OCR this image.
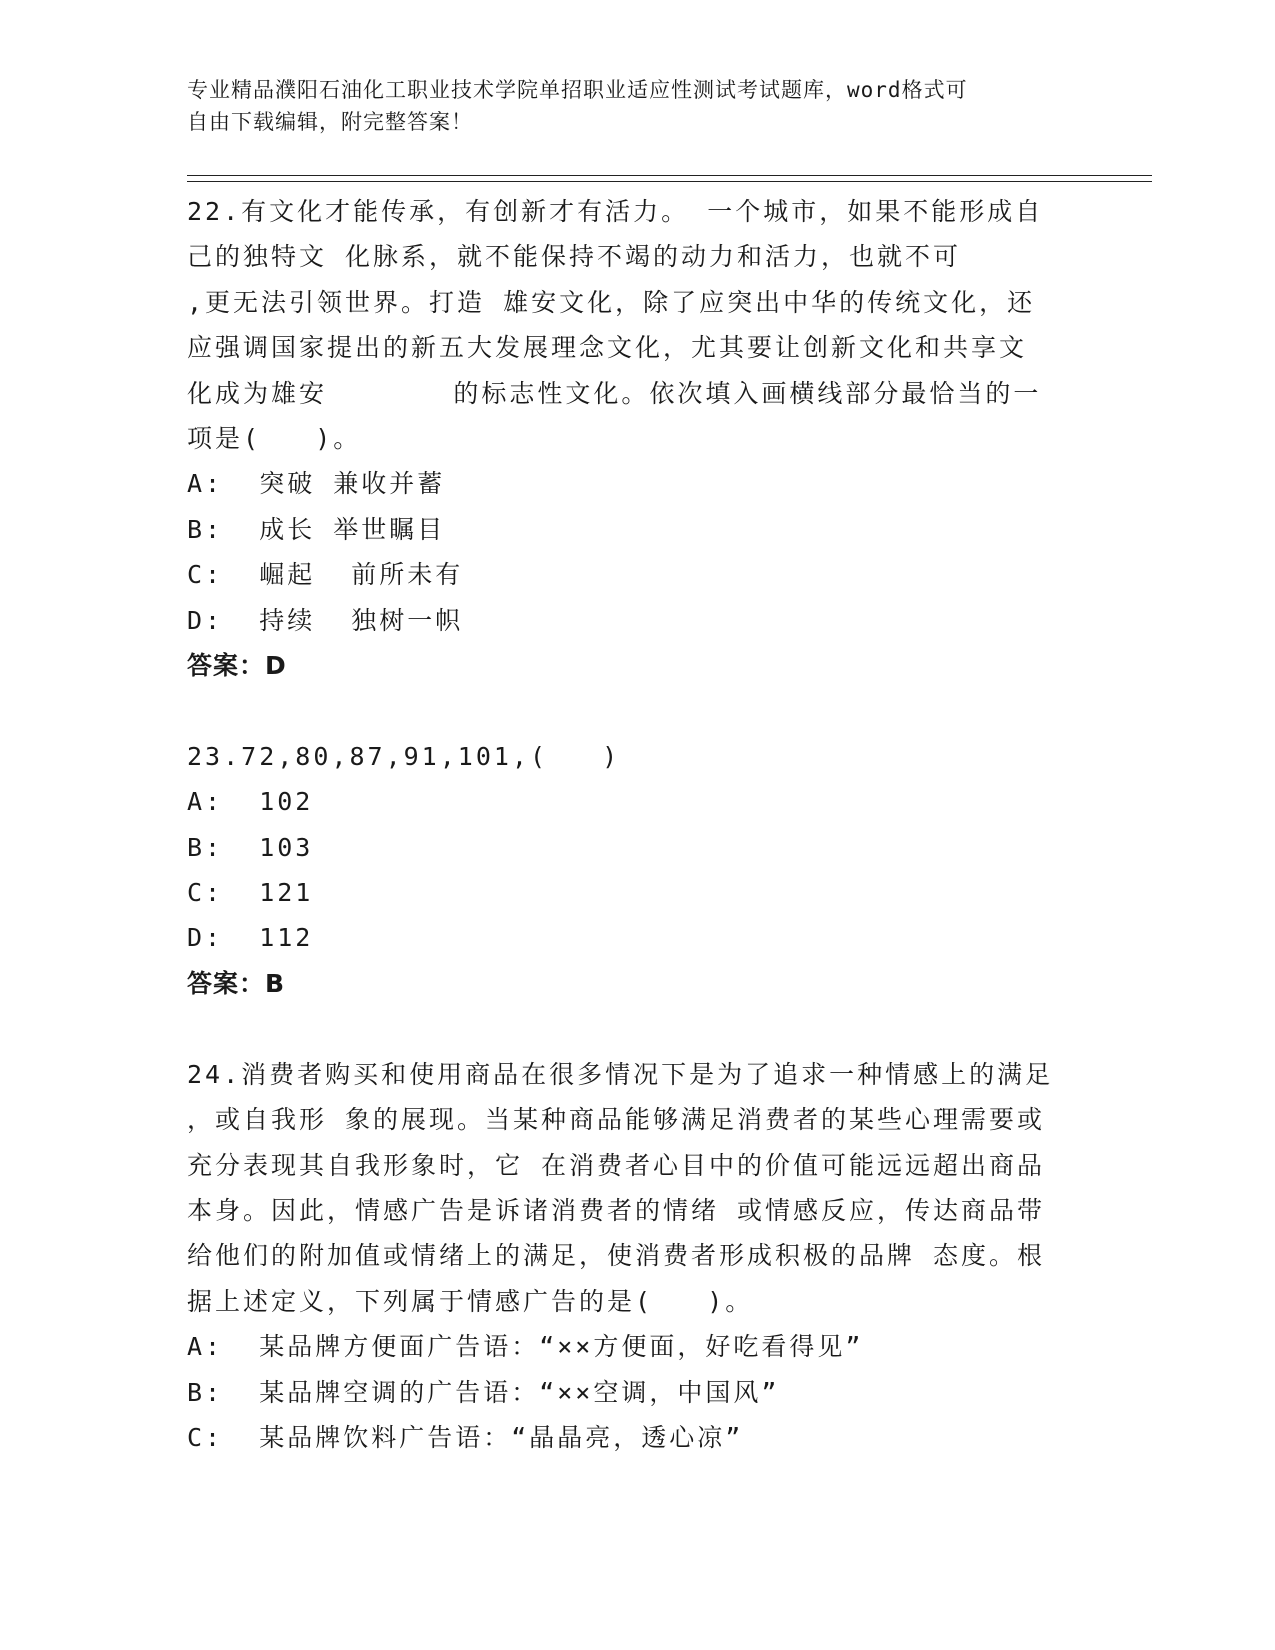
专业精品濮阳石油化工职业技术学院单招职业适应性测试考试题库，word格式可
自由下载编辑，附完整答案！
22.有文化才能传承，有创新才有活力。 一个城市，如果不能形成自
己的独特文 化脉系，就不能保持不竭的动力和活力，也就不可
,更无法引领世界。打造 雄安文化，除了应突出中华的传统文化，还
应强调国家提出的新五大发展理念文化，尤其要让创新文化和共享文
化成为雄安       的标志性文化。依次填入画横线部分最恰当的一
项是(   )。
A:  突破 兼收并蓄
B:  成长 举世瞩目
C:  崛起  前所未有
D:  持续  独树一帜
答案：D
23.72,80,87,91,101,(   )
A:  102
B:  103
C:  121
D:  112
答案：B
24.消费者购买和使用商品在很多情况下是为了追求一种情感上的满足
，或自我形 象的展现。当某种商品能够满足消费者的某些心理需要或
充分表现其自我形象时，它 在消费者心目中的价值可能远远超出商品
本身。因此，情感广告是诉诸消费者的情绪 或情感反应，传达商品带
给他们的附加值或情绪上的满足，使消费者形成积极的品牌 态度。根
据上述定义，下列属于情感广告的是(   )。
A:  某品牌方便面广告语：“××方便面，好吃看得见”
B:  某品牌空调的广告语：“××空调，中国风”
C:  某品牌饮料广告语：“晶晶亮，透心凉”
